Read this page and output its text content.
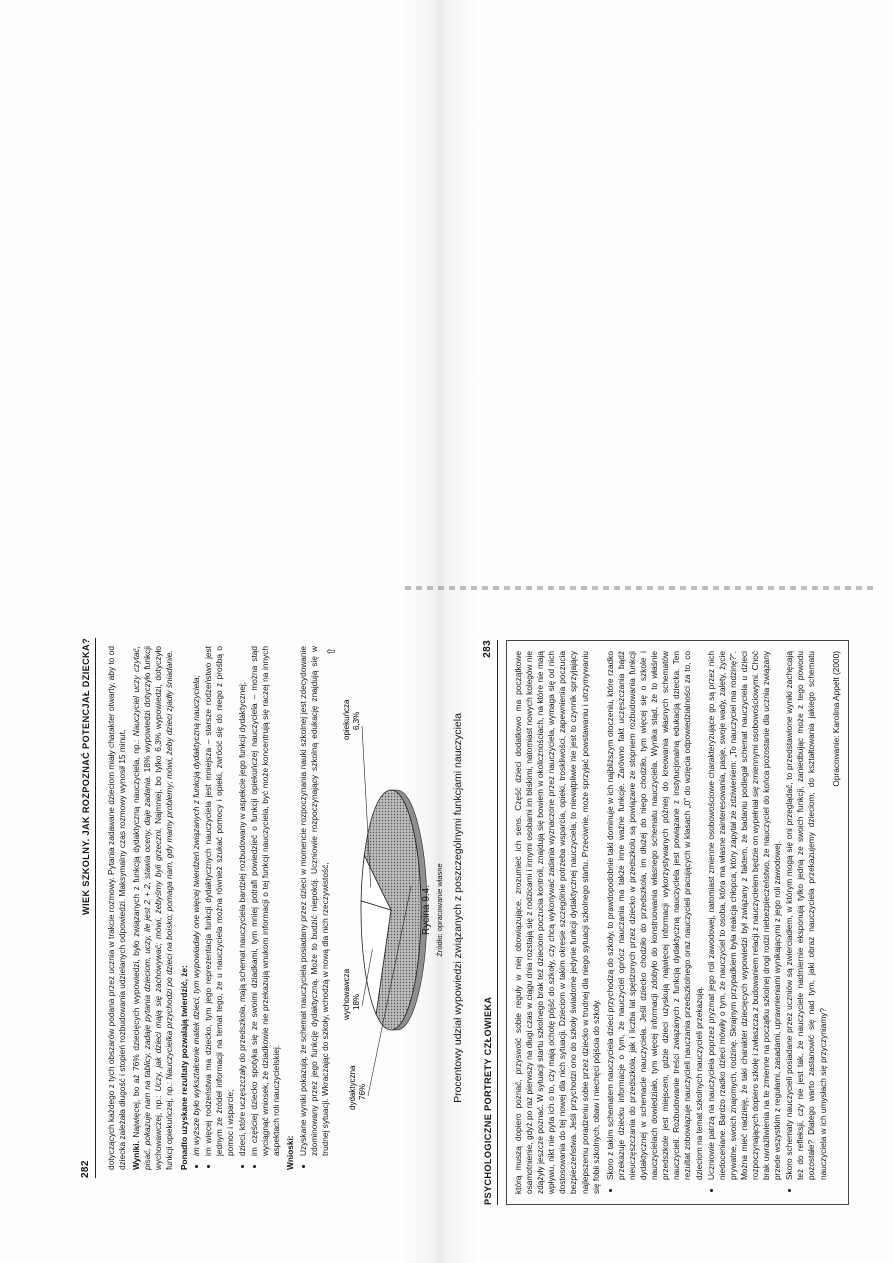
282
WIEK SZKOLNY. JAK ROZPOZNAĆ POTENCJAŁ DZIECKA? dotyczących każdego z tych obszarów podana przez ucznia w trakcie rozmowy. Pytania zadawane dzieciom miały charakter otwarty, aby to od dziecka zależała długość i stopień rozbudowania udzielanych odpowiedzi. Maksymalny czas rozmowy wynosił 15 minut. Wyniki. Najwięcej, bo aż 76% dziecięcych wypowiedzi, było związanych z funkcją dydaktyczną nauczyciela, np.: Nauczyciel uczy czytać, pisać, pokazuje nam na tablicy, zadaje pytania dzieciom, uczy, ile jest 2 + 2, stawia oceny, daje zadania. 18% wypowiedzi dotyczyło funkcji wychowawczej, np.: Uczy, jak dzieci mają się zachowywać; mówi, żebyśmy byli grzeczni. Najmniej, bo tylko 6,3% wypowiedzi, dotyczyło funkcji opiekuńczej, np.: Nauczycielka przychodzi po dzieci na boisko; pomaga nam, gdy mamy problemy; mówi, żeby dzieci zjadły śniadanie. Ponadto uzyskane rezultaty pozwalają twierdzić, że: • im wyższe było wykształcenie matek dzieci, tym wypowiadały one więcej twierdzeń związanych z funkcją dydaktyczną nauczyciela; • im więcej rodzeństwa ma dziecko, tym jego reprezentacja funkcji dydaktycznych nauczyciela jest mniejsza – starsze rodzeństwo jest jednym ze źródeł informacji na temat tego, że u nauczyciela można również szukać pomocy i opieki, zwrócić się do niego z prośbą o pomoc i wsparcie; • dzieci, które uczęszczały do przedszkola, mają schemat nauczyciela bardziej rozbudowany w aspekcie jego funkcji dydaktycznej; • im częściej dziecko spotyka się ze swoimi dziadkami, tym mniej potrafi powiedzieć o funkcji opiekuńczej nauczyciela – można stąd wyciągnąć wniosek, że dziadkowie nie przekazują wnukom informacji o tej funkcji nauczyciela, być może koncentrują się raczej na innych aspektach roli nauczycielskiej. Wnioski: • Uzyskane wyniki pokazują, że schemat nauczyciela posiadany przez dzieci w momencie rozpoczynania nauki szkolnej jest zdecydowanie zdominowany przez jego funkcję dydaktyczną. Może to budzić niepokój. Uczniowie rozpoczynający szkolną edukację znajdują się w trudnej sytuacji. Wkraczając do szkoły, wchodzą w nową dla nich rzeczywistość,
⇧
dydaktyczna 76%
wychowawcza 18%
opiekuńcza 6,3%
Rycina 9.4. Źródło: opracowanie własne Procentowy udział wypowiedzi związanych z poszczególnymi funkcjami nauczyciela PSYCHOLOGICZNE PORTRETY CZŁOWIEKA
283

którą muszą dopiero poznać, przyswoić sobie reguły w niej obowiązujące, zrozumieć ich sens. Część dzieci dodatkowo ma początkowe osamotnienie, gdyż po raz pierwszy na długi czas w ciągu dnia rozstają się z rodzicami i innymi osobami im bliskimi, natomiast nowych kolegów nie zdążyły jeszcze poznać. W sytuacji startu szkolnego brak też dzieciom poczucia kontroli, znajdują się bowiem w okolicznościach, na które nie mają wpływu, nikt nie pyta ich o to, czy mają ochotę pójść do szkoły, czy chcą wykonywać zadania wyznaczone przez nauczyciela, wymaga się od nich dostosowania do tej nowej dla nich sytuacji. Dzieciom w takim okresie szczególnie potrzeba wsparcia, opieki, troskliwości, zapewnienia poczucia bezpieczeństwa. Jeśli przychodzi ono do szkoły świadome jedynie funkcji dydaktycznej nauczyciela, to niewątpliwie nie jest to czynnik sprzyjający najlepszemu poradzeniu sobie przez dziecko w trudnej dla niego sytuacji szkolnego startu. Przeciwnie, może sprzyjać powstawaniu i utrzymywaniu się fobii szkolnych, obaw i niechęci pójścia do szkoły. • Skoro z takim schematem nauczyciela dzieci przychodzą do szkoły, to prawdopodobnie taki dominuje w ich najbliższym otoczeniu, które rzadko przekazuje dziecku informacje o tym, że nauczyciel oprócz nauczania ma także inne ważne funkcje. Zarówno fakt uczęszczania bądź nieuczęszczania do przedszkola, jak i liczba lat spędzonych przez dziecko w przedszkolu są powiązane ze stopniem rozbudowania funkcji dydaktycznej w schemacie nauczyciela. Jeśli dziecko chodziło do przedszkola, im dłużej do niego chodziło, tym więcej się o szkole i nauczycielach dowiedziało, tym więcej informacji zdobyło do konstruowania własnego schematu nauczyciela. Wynika stąd, że to właśnie przedszkole jest miejscem, gdzie dzieci uzyskują najwięcej informacji wykorzystywanych później do kreowania własnych schematów nauczycieli. Rozbudowanie treści związanych z funkcją dydaktyczną nauczyciela jest powiązane z instytucjonalną edukacją dziecka. Ten rezultat zobowiązuje nauczycieli nauczania przedszkolnego oraz nauczycieli pracujących w klasach „0” do wzięcia odpowiedzialności za to, co dzieciom na temat szkolnych nauczycieli przekazują. • Uczniowie patrzą na nauczyciela poprzez pryzmat jego roli zawodowej, natomiast zmienne osobowościowe charakteryzujące go są przez nich niedoceniane. Bardzo rzadko dzieci mówiły o tym, że nauczyciel to osoba, która ma własne zainteresowania, pasje, swoje wady, zalety, życie prywatne, swoich znajomych, rodzinę. Skrajnym przypadkiem była reakcja chłopca, który zapytał ze zdziwieniem: „To nauczyciel ma rodzinę?”. Można mieć nadzieję, że taki charakter dziecięcych wypowiedzi był związany z faktem, że badaniu podlegał schemat nauczyciela u dzieci rozpoczynających dopiero szkołę i zwłaszcza z budowaniem relacji z nauczycielem będzie on wypełniał się zmiennymi osobowościowymi. Choć brak uwrażliwienia na te zmienne na początku szkolnej drogi rodzi niebezpieczeństwo, że nauczyciel do końca pozostanie dla ucznia związany przede wszystkim z regułami, zasadami, uprawnieniami wynikającymi z jego roli zawodowej. • Skoro schematy nauczycieli posiadane przez uczniów są zwierciadłem, w którym mogą się oni przeglądać, to przedstawione wyniki zachęcają też do refleksji, czy nie jest tak, że nauczyciele nadmiernie eksponują tylko jedną ze swoich funkcji, zaniedbując może z tego powodu pozostałe? Dlatego warto zastanowić się nad tym, jaki obraz nauczyciela przekazujemy dzieciom, do kształtowania jakiego schematu nauczyciela w ich umysłach się przyczyniamy?
Opracowanie: Karolina Appelt (2000)
